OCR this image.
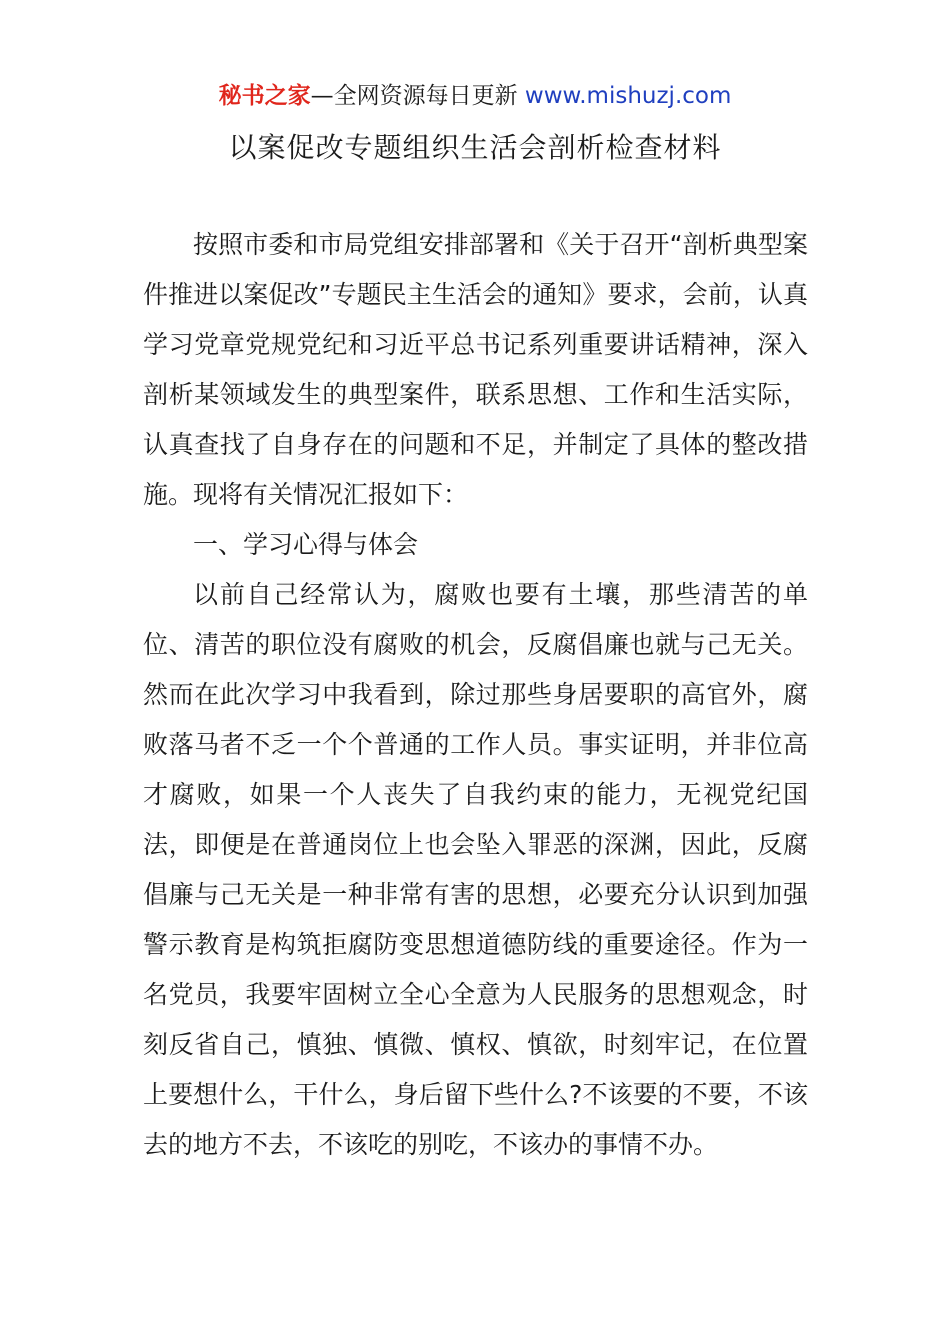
秘书之家—全网资源每日更新 www.mishuzj.com
以案促改专题组织生活会剖析检查材料

按照市委和市局党组安排部署和《关于召开“剖析典型案件推进以案促改”专题民主生活会的通知》要求，会前，认真学习党章党规党纪和习近平总书记系列重要讲话精神，深入剖析某领域发生的典型案件，联系思想、工作和生活实际，认真查找了自身存在的问题和不足，并制定了具体的整改措施。现将有关情况汇报如下：

一、学习心得与体会

以前自己经常认为，腐败也要有土壤，那些清苦的单位、清苦的职位没有腐败的机会，反腐倡廉也就与己无关。然而在此次学习中我看到，除过那些身居要职的高官外，腐败落马者不乏一个个普通的工作人员。事实证明，并非位高才腐败，如果一个人丧失了自我约束的能力，无视党纪国法，即便是在普通岗位上也会坠入罪恶的深渊，因此，反腐倡廉与己无关是一种非常有害的思想，必要充分认识到加强警示教育是构筑拒腐防变思想道德防线的重要途径。作为一名党员，我要牢固树立全心全意为人民服务的思想观念，时刻反省自己，慎独、慎微、慎权、慎欲，时刻牢记，在位置上要想什么，干什么，身后留下些什么?不该要的不要，不该去的地方不去，不该吃的别吃，不该办的事情不办。
